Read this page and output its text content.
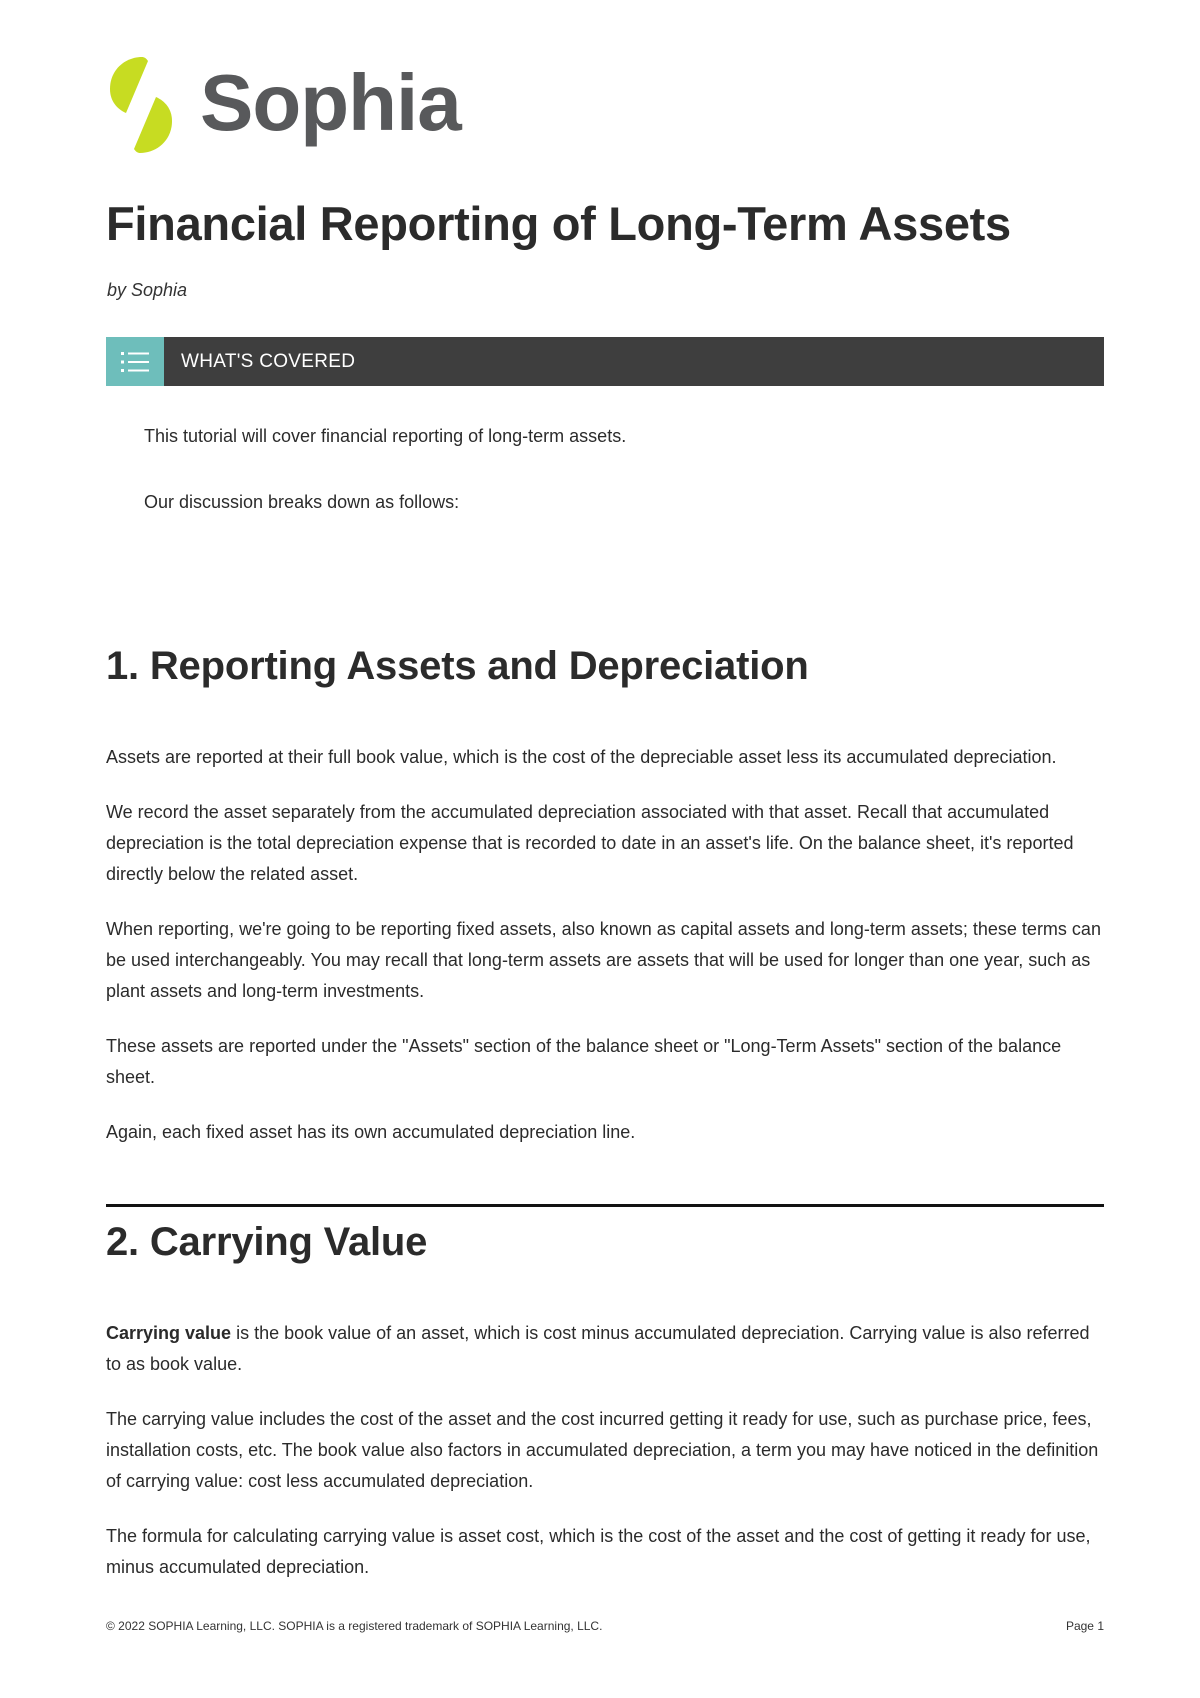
Sophia
Financial Reporting of Long-Term Assets
by Sophia
WHAT'S COVERED

This tutorial will cover financial reporting of long-term assets.

Our discussion breaks down as follows:

1. Reporting Assets and Depreciation

Assets are reported at their full book value, which is the cost of the depreciable asset less its accumulated depreciation.

We record the asset separately from the accumulated depreciation associated with that asset. Recall that accumulated depreciation is the total depreciation expense that is recorded to date in an asset's life. On the balance sheet, it's reported directly below the related asset.

When reporting, we're going to be reporting fixed assets, also known as capital assets and long-term assets; these terms can be used interchangeably. You may recall that long-term assets are assets that will be used for longer than one year, such as plant assets and long-term investments.

These assets are reported under the "Assets" section of the balance sheet or "Long-Term Assets" section of the balance sheet.

Again, each fixed asset has its own accumulated depreciation line.

2. Carrying Value

Carrying value is the book value of an asset, which is cost minus accumulated depreciation. Carrying value is also referred to as book value.

The carrying value includes the cost of the asset and the cost incurred getting it ready for use, such as purchase price, fees, installation costs, etc. The book value also factors in accumulated depreciation, a term you may have noticed in the definition of carrying value: cost less accumulated depreciation.

The formula for calculating carrying value is asset cost, which is the cost of the asset and the cost of getting it ready for use, minus accumulated depreciation.

© 2022 SOPHIA Learning, LLC. SOPHIA is a registered trademark of SOPHIA Learning, LLC.	Page 1
